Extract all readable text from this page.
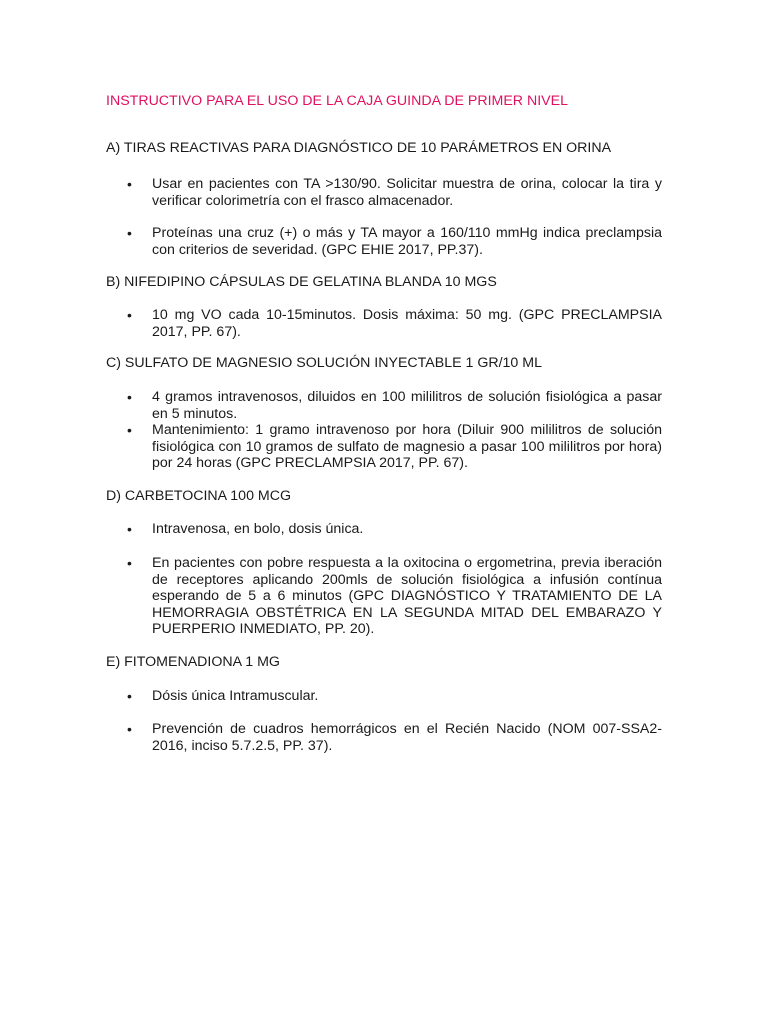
INSTRUCTIVO PARA EL USO DE LA CAJA GUINDA DE PRIMER NIVEL
A) TIRAS REACTIVAS PARA DIAGNÓSTICO DE 10 PARÁMETROS EN ORINA
• Usar en pacientes con TA >130/90. Solicitar muestra de orina, colocar la tira y verificar colorimetría con el frasco almacenador.
• Proteínas una cruz (+) o más y TA mayor a 160/110 mmHg indica preclampsia con criterios de severidad. (GPC EHIE 2017, PP.37).
B) NIFEDIPINO CÁPSULAS DE GELATINA BLANDA 10 MGS
• 10 mg VO cada 10-15minutos. Dosis máxima: 50 mg. (GPC PRECLAMPSIA 2017, PP. 67).
C) SULFATO DE MAGNESIO SOLUCIÓN INYECTABLE 1 GR/10 ML
• 4 gramos intravenosos, diluidos en 100 mililitros de solución fisiológica a pasar en 5 minutos.
• Mantenimiento: 1 gramo intravenoso por hora (Diluir 900 mililitros de solución fisiológica con 10 gramos de sulfato de magnesio a pasar 100 mililitros por hora) por 24 horas (GPC PRECLAMPSIA 2017, PP. 67).
D) CARBETOCINA 100 MCG
• Intravenosa, en bolo, dosis única.
• En pacientes con pobre respuesta a la oxitocina o ergometrina, previa iberación de receptores aplicando 200mls de solución fisiológica a infusión contínua esperando de 5 a 6 minutos (GPC DIAGNÓSTICO Y TRATAMIENTO DE LA HEMORRAGIA OBSTÉTRICA EN LA SEGUNDA MITAD DEL EMBARAZO Y PUERPERIO INMEDIATO, PP. 20).
E) FITOMENADIONA 1 MG
• Dósis única Intramuscular.
• Prevención de cuadros hemorrágicos en el Recién Nacido (NOM 007-SSA2-2016, inciso 5.7.2.5, PP. 37).
